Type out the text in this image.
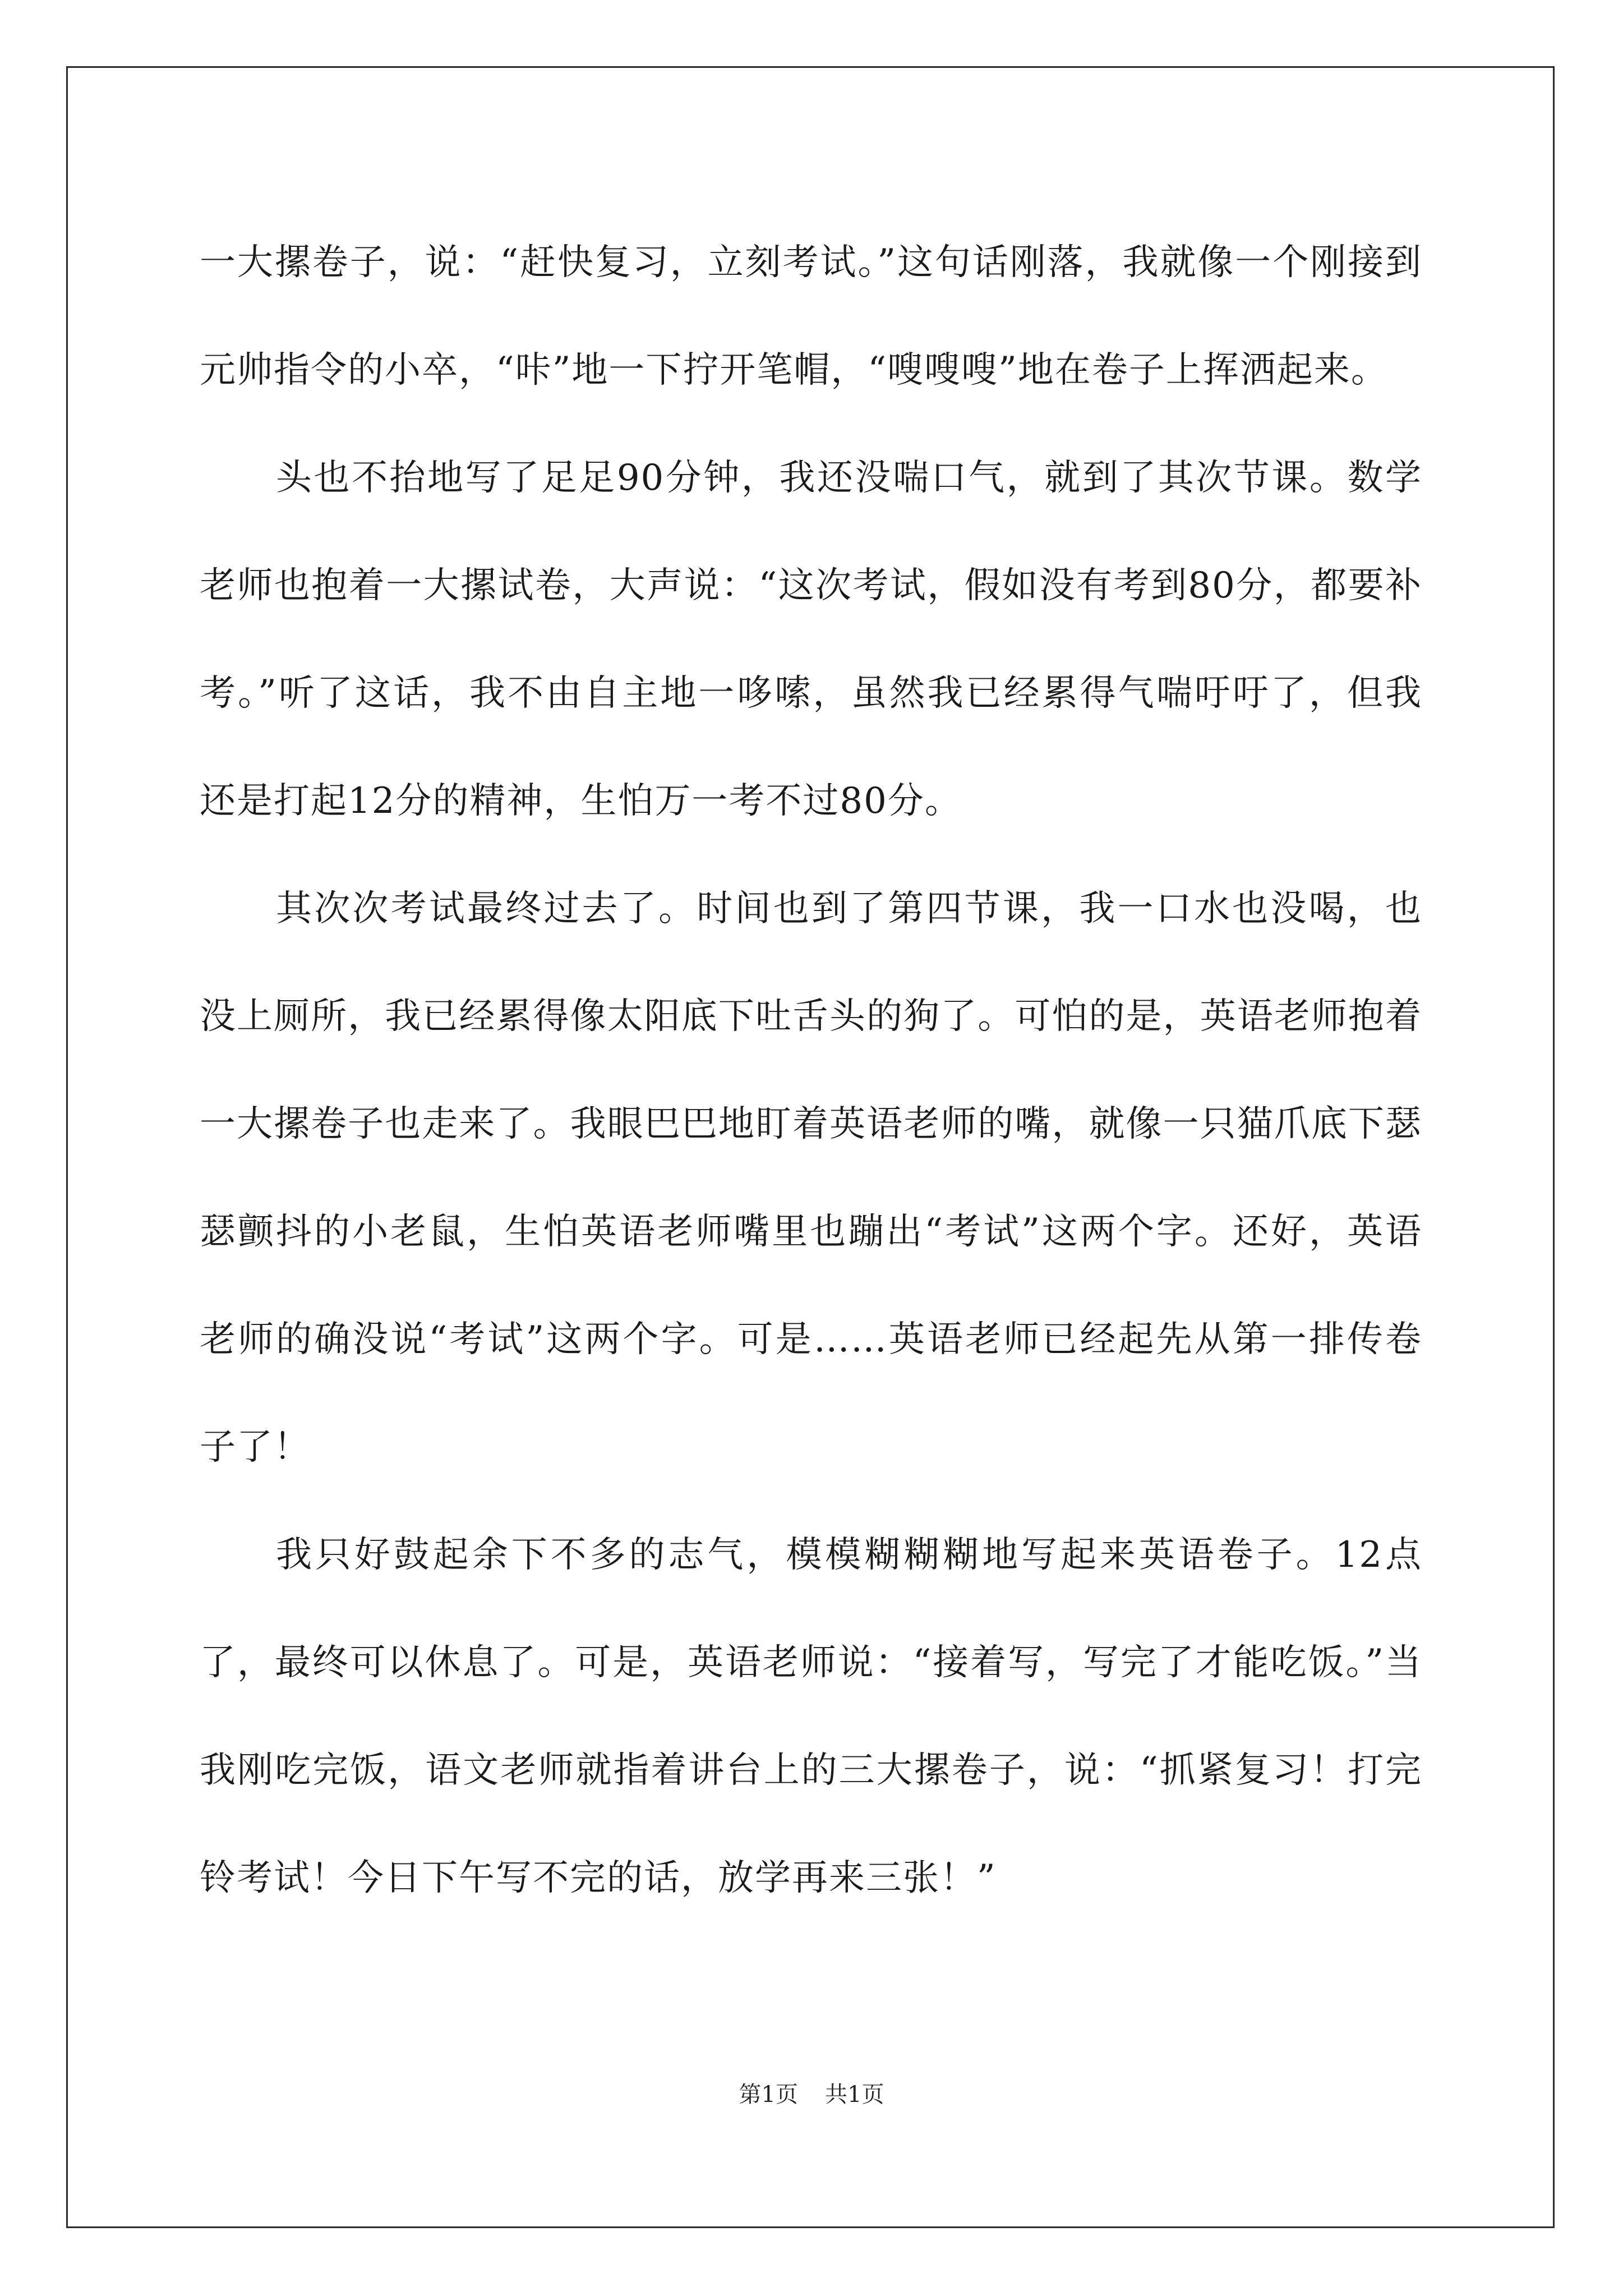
一大摞卷子，说：“赶快复习，立刻考试。”这句话刚落，我就像一个刚接到元帅指令的小卒，“咔”地一下拧开笔帽，“嗖嗖嗖”地在卷子上挥洒起来。

头也不抬地写了足足90分钟，我还没喘口气，就到了其次节课。数学老师也抱着一大摞试卷，大声说：“这次考试，假如没有考到80分，都要补考。”听了这话，我不由自主地一哆嗦，虽然我已经累得气喘吁吁了，但我还是打起12分的精神，生怕万一考不过80分。

其次次考试最终过去了。时间也到了第四节课，我一口水也没喝，也没上厕所，我已经累得像太阳底下吐舌头的狗了。可怕的是，英语老师抱着一大摞卷子也走来了。我眼巴巴地盯着英语老师的嘴，就像一只猫爪底下瑟瑟颤抖的小老鼠，生怕英语老师嘴里也蹦出“考试”这两个字。还好，英语老师的确没说“考试”这两个字。可是……英语老师已经起先从第一排传卷子了！

我只好鼓起余下不多的志气，模模糊糊糊地写起来英语卷子。12点了，最终可以休息了。可是，英语老师说：“接着写，写完了才能吃饭。”当我刚吃完饭，语文老师就指着讲台上的三大摞卷子，说：“抓紧复习！打完铃考试！今日下午写不完的话，放学再来三张！”

第1页 共1页
